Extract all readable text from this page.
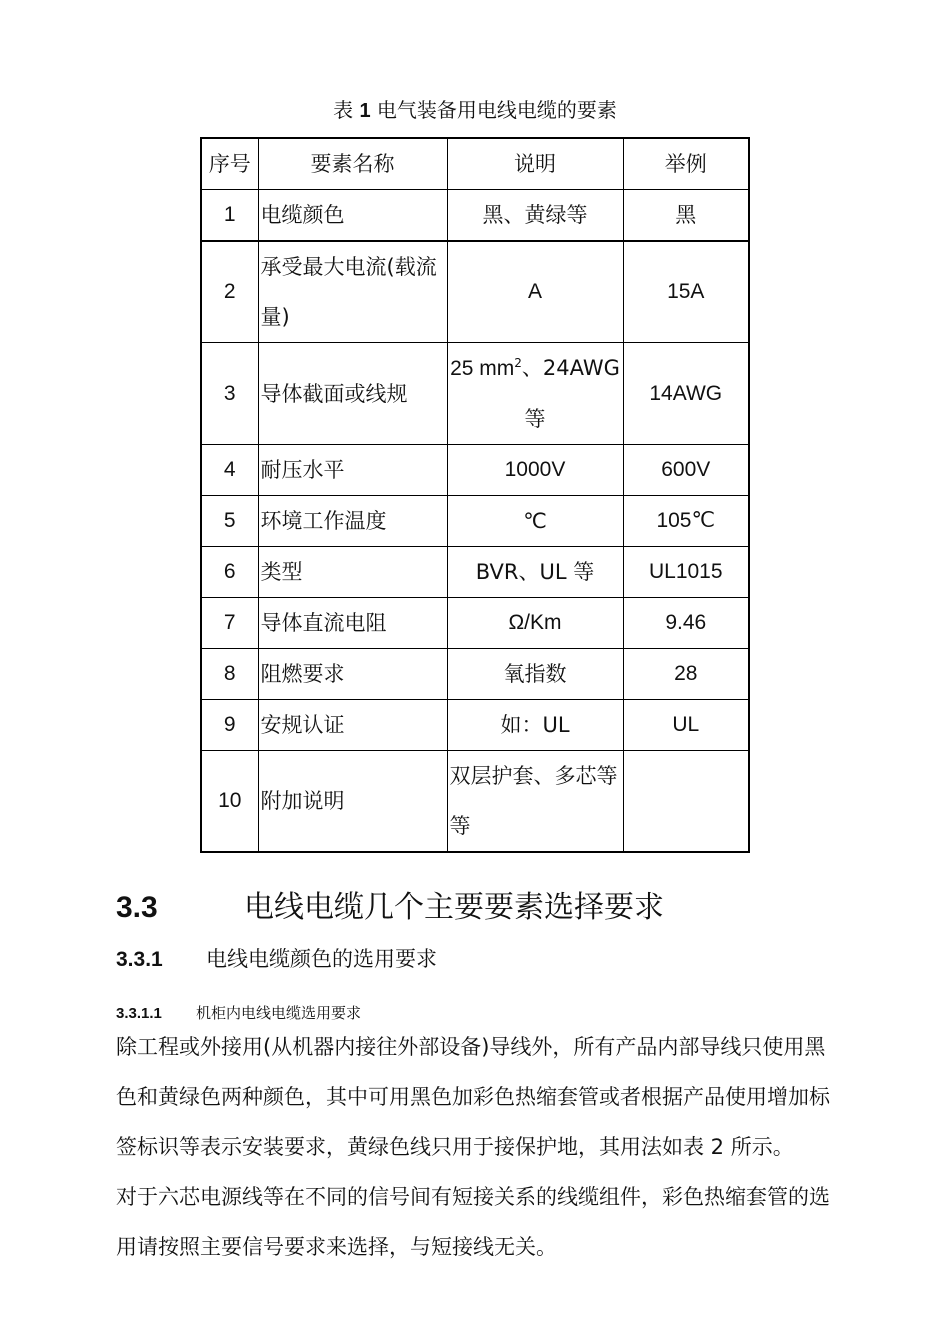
表 1 电气装备用电线电缆的要素
序号	要素名称	说明	举例
1	电缆颜色	黑、黄绿等	黑
2	承受最大电流(载流量)	A	15A
3	导体截面或线规	25 $mm^2$、24AWG等	14AWG
4	耐压水平	1000V	600V
5	环境工作温度	℃	105℃
6	类型	BVR、UL 等	UL1015
7	导体直流电阻	Ω/Km	9.46
8	阻燃要求	氧指数	28
9	安规认证	如：UL	UL
10	附加说明	双层护套、多芯等等	
3.3	电线电缆几个主要要素选择要求
3.3.1 电线电缆颜色的选用要求
3.3.1.1 机柜内电线电缆选用要求

除工程或外接用(从机器内接往外部设备)导线外，所有产品内部导线只使用黑色和黄绿色两种颜色，其中可用黑色加彩色热缩套管或者根据产品使用增加标签标识等表示安装要求，黄绿色线只用于接保护地，其用法如表 2 所示。

对于六芯电源线等在不同的信号间有短接关系的线缆组件，彩色热缩套管的选用请按照主要信号要求来选择，与短接线无关。
